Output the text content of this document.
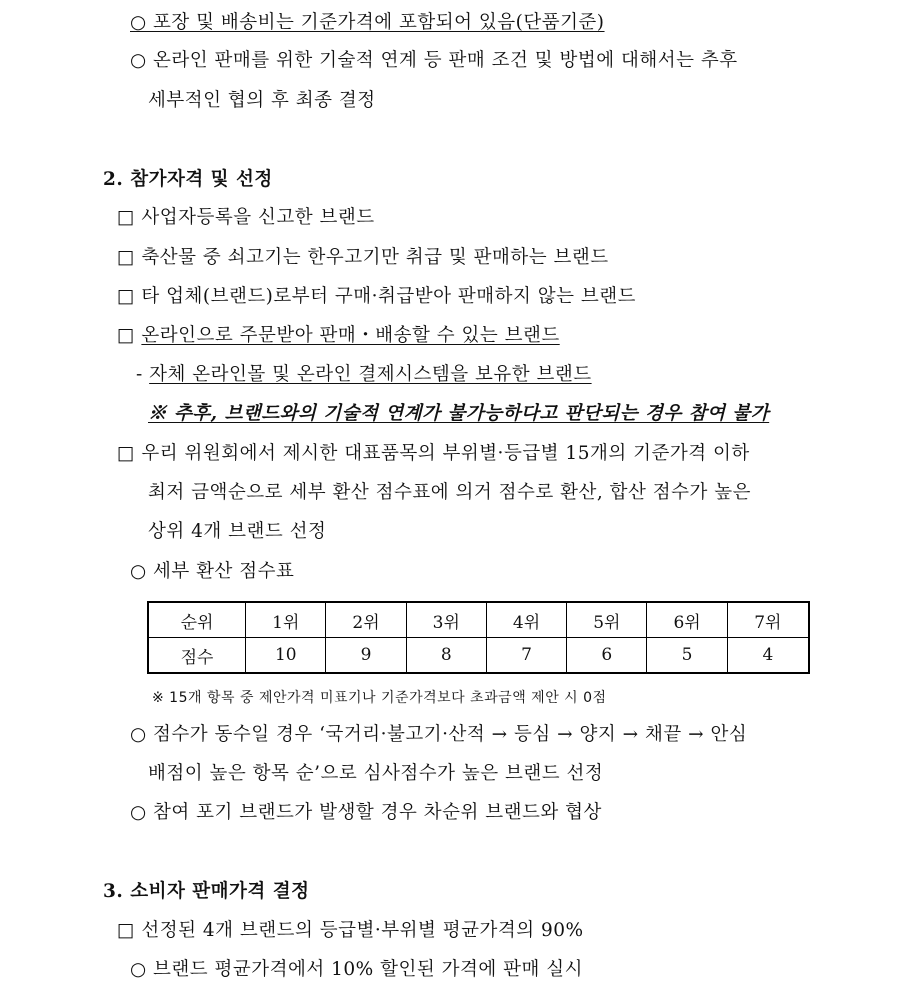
○ 포장 및 배송비는 기준가격에 포함되어 있음(단품기준)
○ 온라인 판매를 위한 기술적 연계 등 판매 조건 및 방법에 대해서는 추후
세부적인 협의 후 최종 결정
2. 참가자격 및 선정
□ 사업자등록을 신고한 브랜드
□ 축산물 중 쇠고기는 한우고기만 취급 및 판매하는 브랜드
□ 타 업체(브랜드)로부터 구매·취급받아 판매하지 않는 브랜드
□ 온라인으로 주문받아 판매・배송할 수 있는 브랜드
- 자체 온라인몰 및 온라인 결제시스템을 보유한 브랜드
※ 추후, 브랜드와의 기술적 연계가 불가능하다고 판단되는 경우 참여 불가
□ 우리 위원회에서 제시한 대표품목의 부위별·등급별 15개의 기준가격 이하
최저 금액순으로 세부 환산 점수표에 의거 점수로 환산, 합산 점수가 높은
상위 4개 브랜드 선정
○ 세부 환산 점수표
순위	1위	2위	3위	4위	5위	6위	7위
점수	10	9	8	7	6	5	4
※ 15개 항목 중 제안가격 미표기나 기준가격보다 초과금액 제안 시 0점
○ 점수가 동수일 경우 ‘국거리·불고기·산적 → 등심 → 양지 → 채끝 → 안심
배점이 높은 항목 순’으로 심사점수가 높은 브랜드 선정
○ 참여 포기 브랜드가 발생할 경우 차순위 브랜드와 협상
3. 소비자 판매가격 결정
□ 선정된 4개 브랜드의 등급별·부위별 평균가격의 90%
○ 브랜드 평균가격에서 10% 할인된 가격에 판매 실시
